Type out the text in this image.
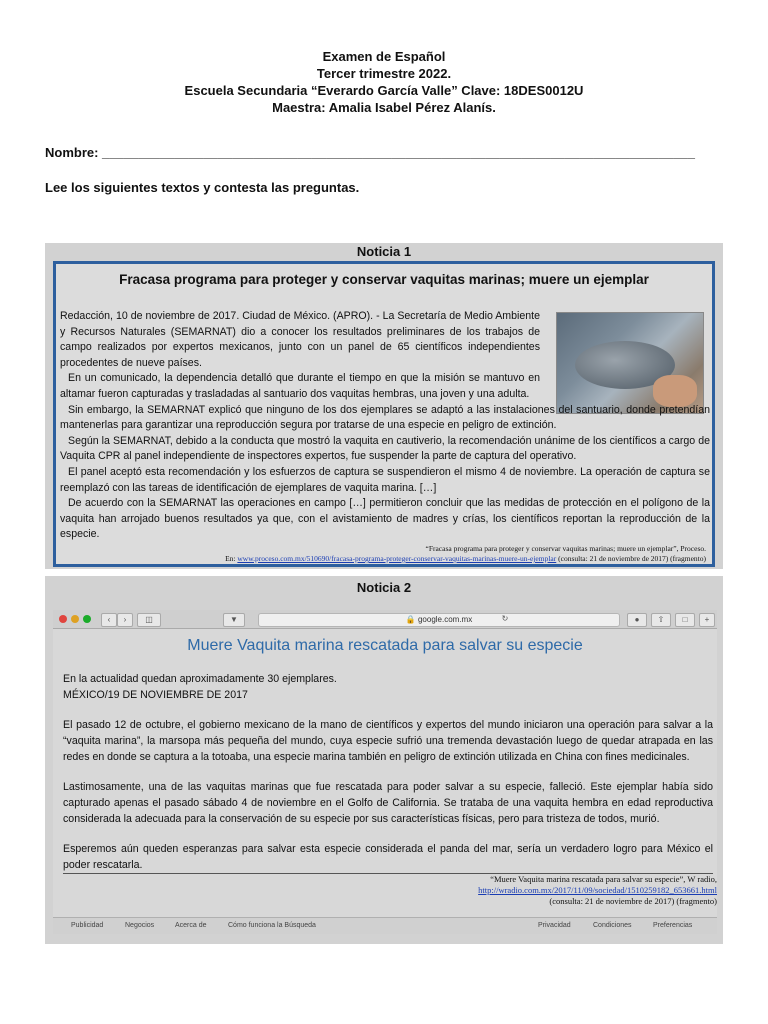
Examen de Español
Tercer trimestre 2022.
Escuela Secundaria “Everardo García Valle” Clave: 18DES0012U
Maestra: Amalia Isabel Pérez Alanís.
Nombre: __________________________________________________________________________________
Lee los siguientes textos y contesta las preguntas.
Noticia 1
Fracasa programa para proteger y conservar vaquitas marinas; muere un ejemplar

Redacción, 10 de noviembre de 2017. Ciudad de México. (APRO). - La Secretaría de Medio Ambiente y Recursos Naturales (SEMARNAT) dio a conocer los resultados preliminares de los trabajos de campo realizados por expertos mexicanos, junto con un panel de 65 científicos independientes procedentes de nueve países.

En un comunicado, la dependencia detalló que durante el tiempo en que la misión se mantuvo en altamar fueron capturadas y trasladadas al santuario dos vaquitas hembras, una joven y una adulta.

Sin embargo, la SEMARNAT explicó que ninguno de los dos ejemplares se adaptó a las instalaciones del santuario, donde pretendían mantenerlas para garantizar una reproducción segura por tratarse de una especie en peligro de extinción.

Según la SEMARNAT, debido a la conducta que mostró la vaquita en cautiverio, la recomendación unánime de los científicos a cargo de Vaquita CPR al panel independiente de inspectores expertos, fue suspender la parte de captura del operativo.

El panel aceptó esta recomendación y los esfuerzos de captura se suspendieron el mismo 4 de noviembre. La operación de captura se reemplazó con las tareas de identificación de ejemplares de vaquita marina. […]

De acuerdo con la SEMARNAT las operaciones en campo […] permitieron concluir que las medidas de protección en el polígono de la vaquita han arrojado buenos resultados ya que, con el avistamiento de madres y crías, los científicos reportan la reproducción de la especie.

“Fracasa programa para proteger y conservar vaquitas marinas; muere un ejemplar”, Proceso.
En: www.proceso.com.mx/510690/fracasa-programa-proteger-conservar-vaquitas-marinas-muere-un-ejemplar (consulta: 21 de noviembre de 2017) (fragmento)
Noticia 2
‹	›	◫	▼	🔒 google.com.mx	↻	●	⇧	□	+
Muere Vaquita marina rescatada para salvar su especie

En la actualidad quedan aproximadamente 30 ejemplares.

MÉXICO/19 DE NOVIEMBRE DE 2017

El pasado 12 de octubre, el gobierno mexicano de la mano de científicos y expertos del mundo iniciaron una operación para salvar a la “vaquita marina”, la marsopa más pequeña del mundo, cuya especie sufrió una tremenda devastación luego de quedar atrapada en las redes en donde se captura a la totoaba, una especie marina también en peligro de extinción utilizada en China con fines medicinales.

Lastimosamente, una de las vaquitas marinas que fue rescatada para poder salvar a su especie, falleció. Este ejemplar había sido capturado apenas el pasado sábado 4 de noviembre en el Golfo de California. Se trataba de una vaquita hembra en edad reproductiva considerada la adecuada para la conservación de su especie por sus características físicas, pero para tristeza de todos, murió.

Esperemos aún queden esperanzas para salvar esta especie considerada el panda del mar, sería un verdadero logro para México el poder rescatarla.

“Muere Vaquita marina rescatada para salvar su especie”, W radio,
http://wradio.com.mx/2017/11/09/sociedad/1510259182_653661.html
(consulta: 21 de noviembre de 2017) (fragmento)
Publicidad	Negocios	Acerca de	Cómo funciona la Búsqueda	Privacidad	Condiciones	Preferencias
